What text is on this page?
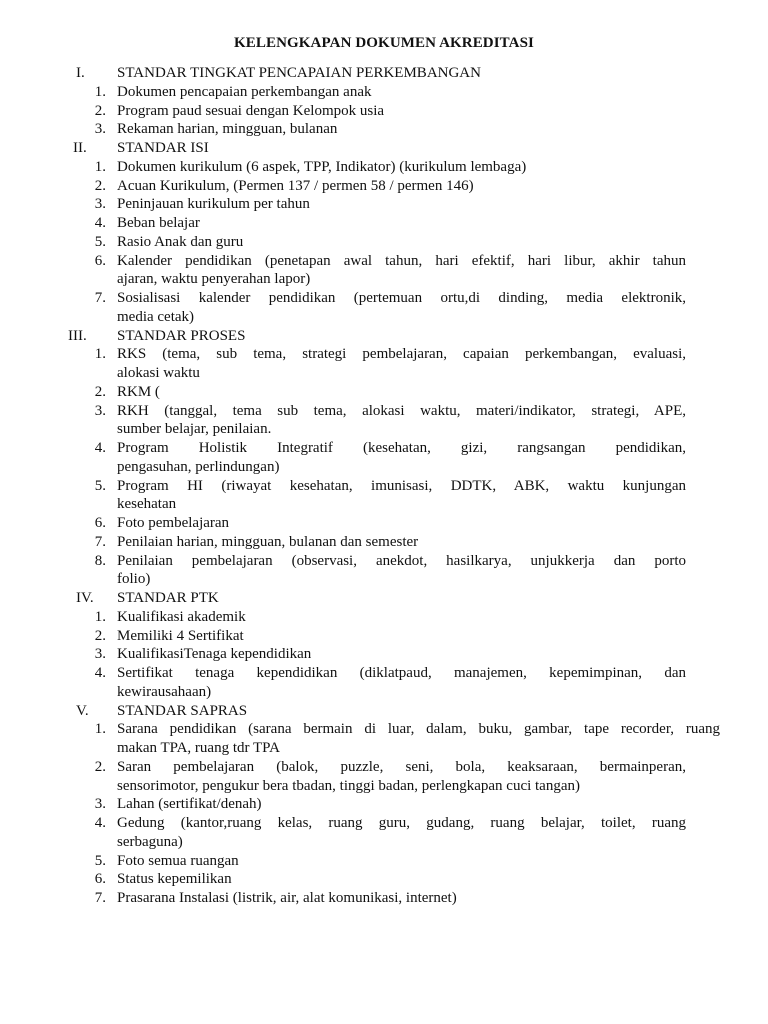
KELENGKAPAN DOKUMEN AKREDITASI
I.	STANDAR TINGKAT PENCAPAIAN PERKEMBANGAN
1. Dokumen pencapaian perkembangan anak
2. Program paud sesuai dengan Kelompok usia
3. Rekaman harian, mingguan, bulanan
II.	STANDAR ISI
1. Dokumen kurikulum (6 aspek, TPP, Indikator) (kurikulum lembaga)
2. Acuan Kurikulum, (Permen 137 / permen 58 / permen 146)
3. Peninjauan kurikulum per tahun
4. Beban belajar
5. Rasio Anak dan guru
6. Kalender pendidikan (penetapan awal tahun, hari efektif, hari libur, akhir tahun
ajaran, waktu penyerahan lapor)
7. Sosialisasi kalender pendidikan (pertemuan ortu,di dinding, media elektronik,
media cetak)
III.	STANDAR PROSES
1. RKS (tema, sub tema, strategi pembelajaran, capaian perkembangan, evaluasi,
alokasi waktu
2. RKM (
3. RKH (tanggal, tema sub tema, alokasi waktu, materi/indikator, strategi, APE,
sumber belajar, penilaian.
4. Program Holistik Integratif (kesehatan, gizi, rangsangan pendidikan,
pengasuhan, perlindungan)
5. Program HI (riwayat kesehatan, imunisasi, DDTK, ABK, waktu kunjungan
kesehatan
6. Foto pembelajaran
7. Penilaian harian, mingguan, bulanan dan semester
8. Penilaian pembelajaran (observasi, anekdot, hasilkarya, unjukkerja dan porto
folio)
IV.	STANDAR PTK
1. Kualifikasi akademik
2. Memiliki 4 Sertifikat
3. KualifikasiTenaga kependidikan
4. Sertifikat tenaga kependidikan (diklatpaud, manajemen, kepemimpinan, dan
kewirausahaan)
V.	STANDAR SAPRAS
1. Sarana pendidikan (sarana bermain di luar, dalam, buku, gambar, tape recorder, ruang
makan TPA, ruang tdr TPA
2. Saran pembelajaran (balok, puzzle, seni, bola, keaksaraan, bermainperan,
sensorimotor, pengukur bera tbadan, tinggi badan, perlengkapan cuci tangan)
3. Lahan (sertifikat/denah)
4. Gedung (kantor,ruang kelas, ruang guru, gudang, ruang belajar, toilet, ruang
serbaguna)
5. Foto semua ruangan
6. Status kepemilikan
7. Prasarana Instalasi (listrik, air, alat komunikasi, internet)
